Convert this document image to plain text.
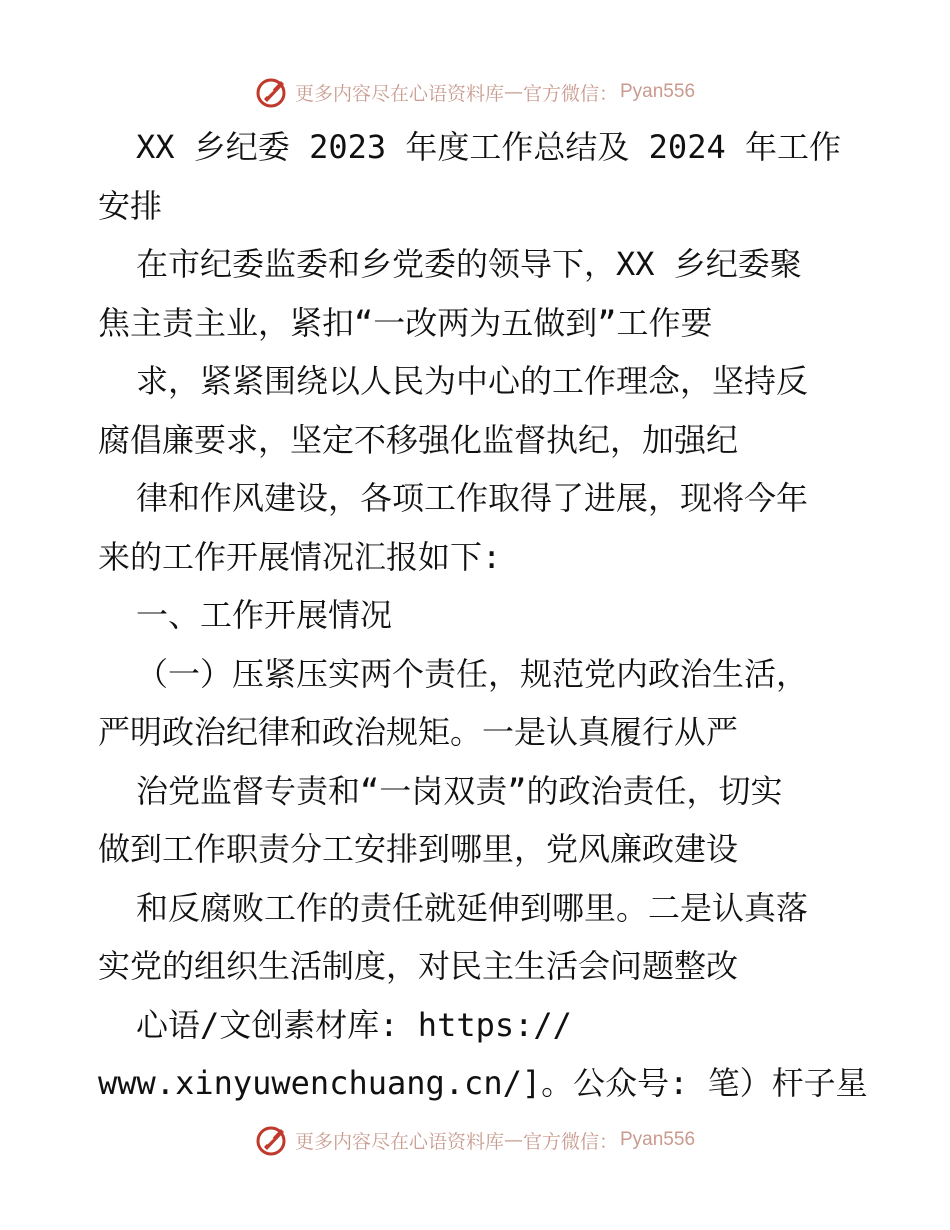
更多内容尽在心语资料库 — 官方微信： Pyan556
XX 乡纪委 2023 年度工作总结及 2024 年工作
安排
在市纪委监委和乡党委的领导下，XX 乡纪委聚
焦主责主业，紧扣“一改两为五做到”工作要
求，紧紧围绕以人民为中心的工作理念，坚持反
腐倡廉要求，坚定不移强化监督执纪，加强纪
律和作风建设，各项工作取得了进展，现将今年
来的工作开展情况汇报如下:
一、工作开展情况
（一）压紧压实两个责任，规范党内政治生活，
严明政治纪律和政治规矩。一是认真履行从严
治党监督专责和“一岗双责”的政治责任，切实
做到工作职责分工安排到哪里，党风廉政建设
和反腐败工作的责任就延伸到哪里。二是认真落
实党的组织生活制度，对民主生活会问题整改
心语/文创素材库: https://
www.xinyuwenchuang.cn/]。公众号: 笔）杆子星
更多内容尽在心语资料库 — 官方微信： Pyan556
